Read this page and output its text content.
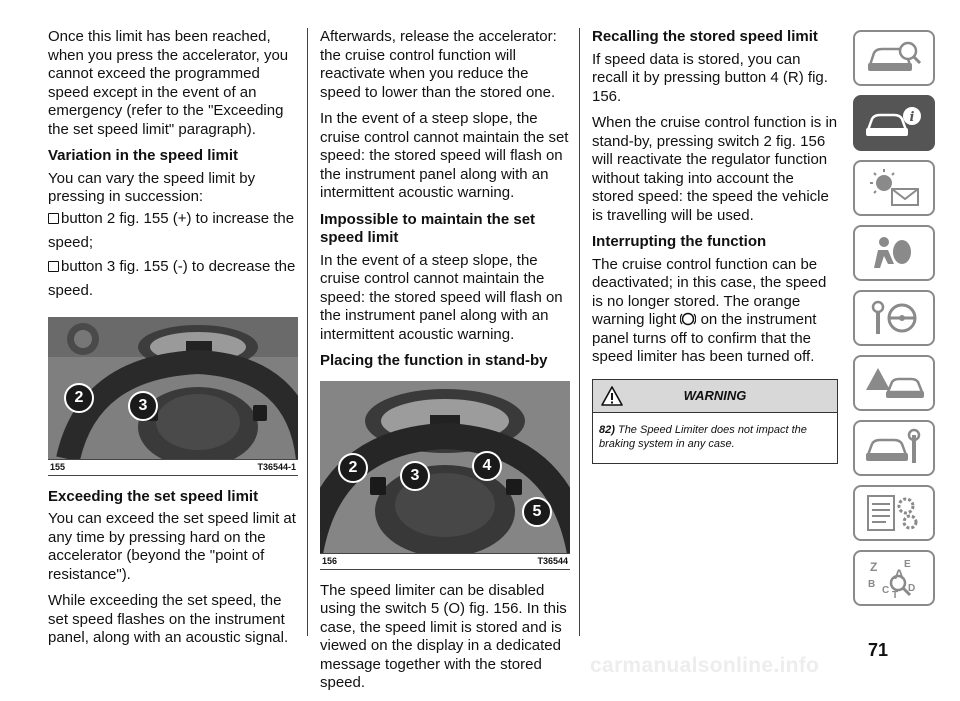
Once this limit has been reached, when you press the accelerator, you cannot exceed the programmed speed except in the event of an emergency (refer to the "Exceeding the set speed limit" paragraph).

Variation in the speed limit

You can vary the speed limit by pressing in succession:

button 2 fig. 155 (+) to increase the speed;
button 3 fig. 155 (-) to decrease the speed.
2	3
155	T36544-1
Exceeding the set speed limit

You can exceed the set speed limit at any time by pressing hard on the accelerator (beyond the "point of resistance").

While exceeding the set speed, the set speed flashes on the instrument panel, along with an acoustic signal.

Afterwards, release the accelerator: the cruise control function will reactivate when you reduce the speed to lower than the stored one.

In the event of a steep slope, the cruise control cannot maintain the set speed: the stored speed will flash on the instrument panel along with an intermittent acoustic warning.

Impossible to maintain the set speed limit

In the event of a steep slope, the cruise control cannot maintain the speed: the stored speed will flash on the instrument panel along with an intermittent acoustic warning.

Placing the function in stand-by
2	3
4
5
156	T36544

The speed limiter can be disabled using the switch 5 (O) fig. 156. In this case, the speed limit is stored and is viewed on the display in a dedicated message together with the stored speed.

Recalling the stored speed limit

If speed data is stored, you can recall it by pressing button 4 (R) fig. 156.

When the cruise control function is in stand-by, pressing switch 2 fig. 156 will reactivate the regulator function without taking into account the stored speed: the speed the vehicle is travelling will be used.

Interrupting the function

The cruise control function can be deactivated; in this case, the speed is no longer stored. The orange warning light on the instrument panel turns off to confirm that the speed limiter has been turned off.

WARNING
82) The Speed Limiter does not impact the braking system in any case.
i
Z	E
A
B
C D
T
71
carmanualsonline.info
